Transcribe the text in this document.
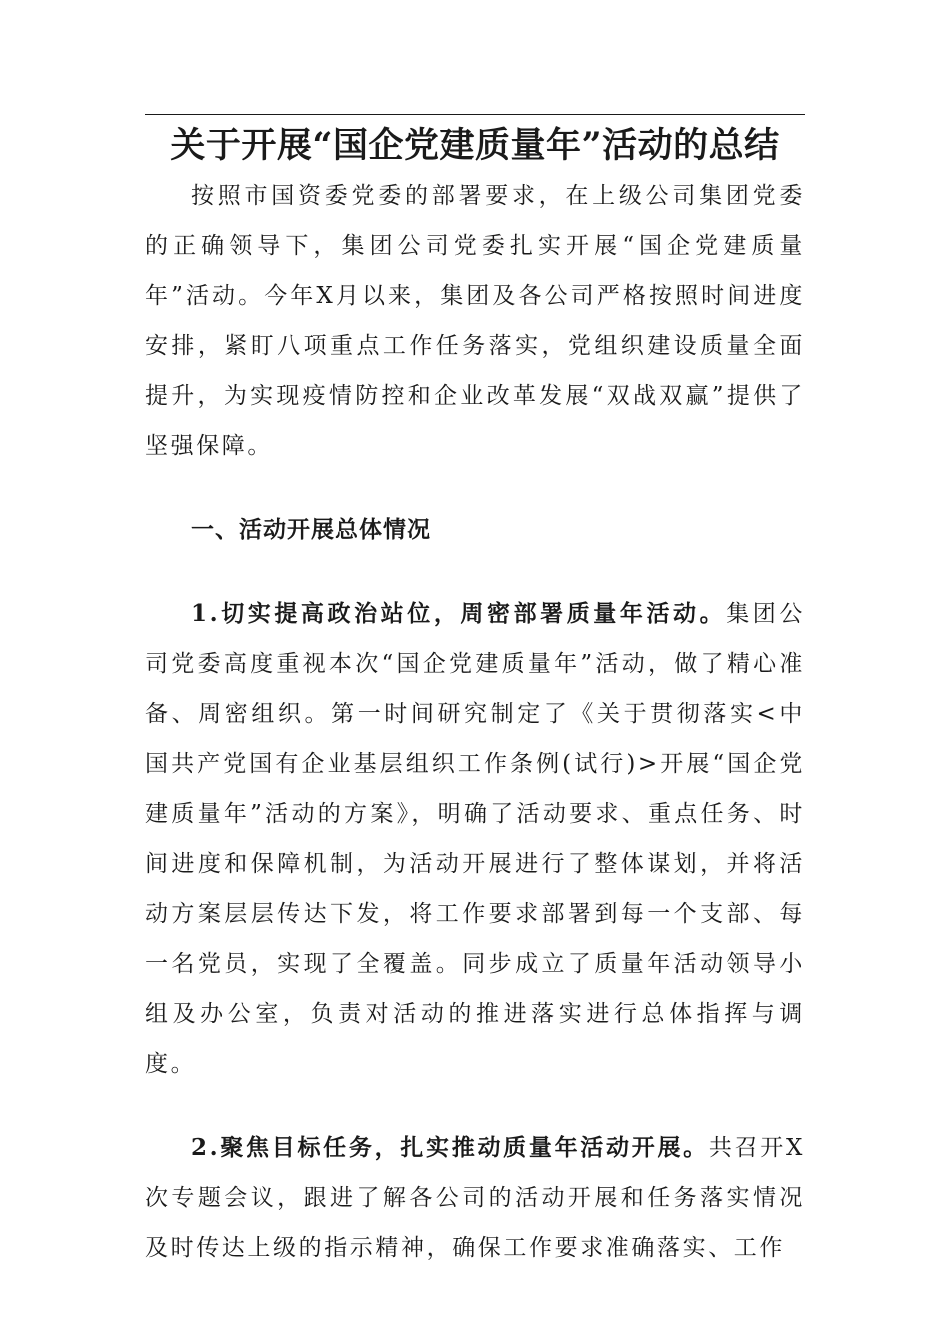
关于开展“国企党建质量年”活动的总结

按照市国资委党委的部署要求，在上级公司集团党委的正确领导下，集团公司党委扎实开展“国企党建质量年”活动。今年X月以来，集团及各公司严格按照时间进度安排，紧盯八项重点工作任务落实，党组织建设质量全面提升，为实现疫情防控和企业改革发展“双战双赢”提供了坚强保障。

一、活动开展总体情况

1.切实提高政治站位，周密部署质量年活动。集团公司党委高度重视本次“国企党建质量年”活动，做了精心准备、周密组织。第一时间研究制定了《关于贯彻落实<中国共产党国有企业基层组织工作条例(试行)>开展“国企党建质量年”活动的方案》，明确了活动要求、重点任务、时间进度和保障机制，为活动开展进行了整体谋划，并将活动方案层层传达下发，将工作要求部署到每一个支部、每一名党员，实现了全覆盖。同步成立了质量年活动领导小组及办公室，负责对活动的推进落实进行总体指挥与调度。

2.聚焦目标任务，扎实推动质量年活动开展。共召开X次专题会议，跟进了解各公司的活动开展和任务落实情况及时传达上级的指示精神，确保工作要求准确落实、工作
